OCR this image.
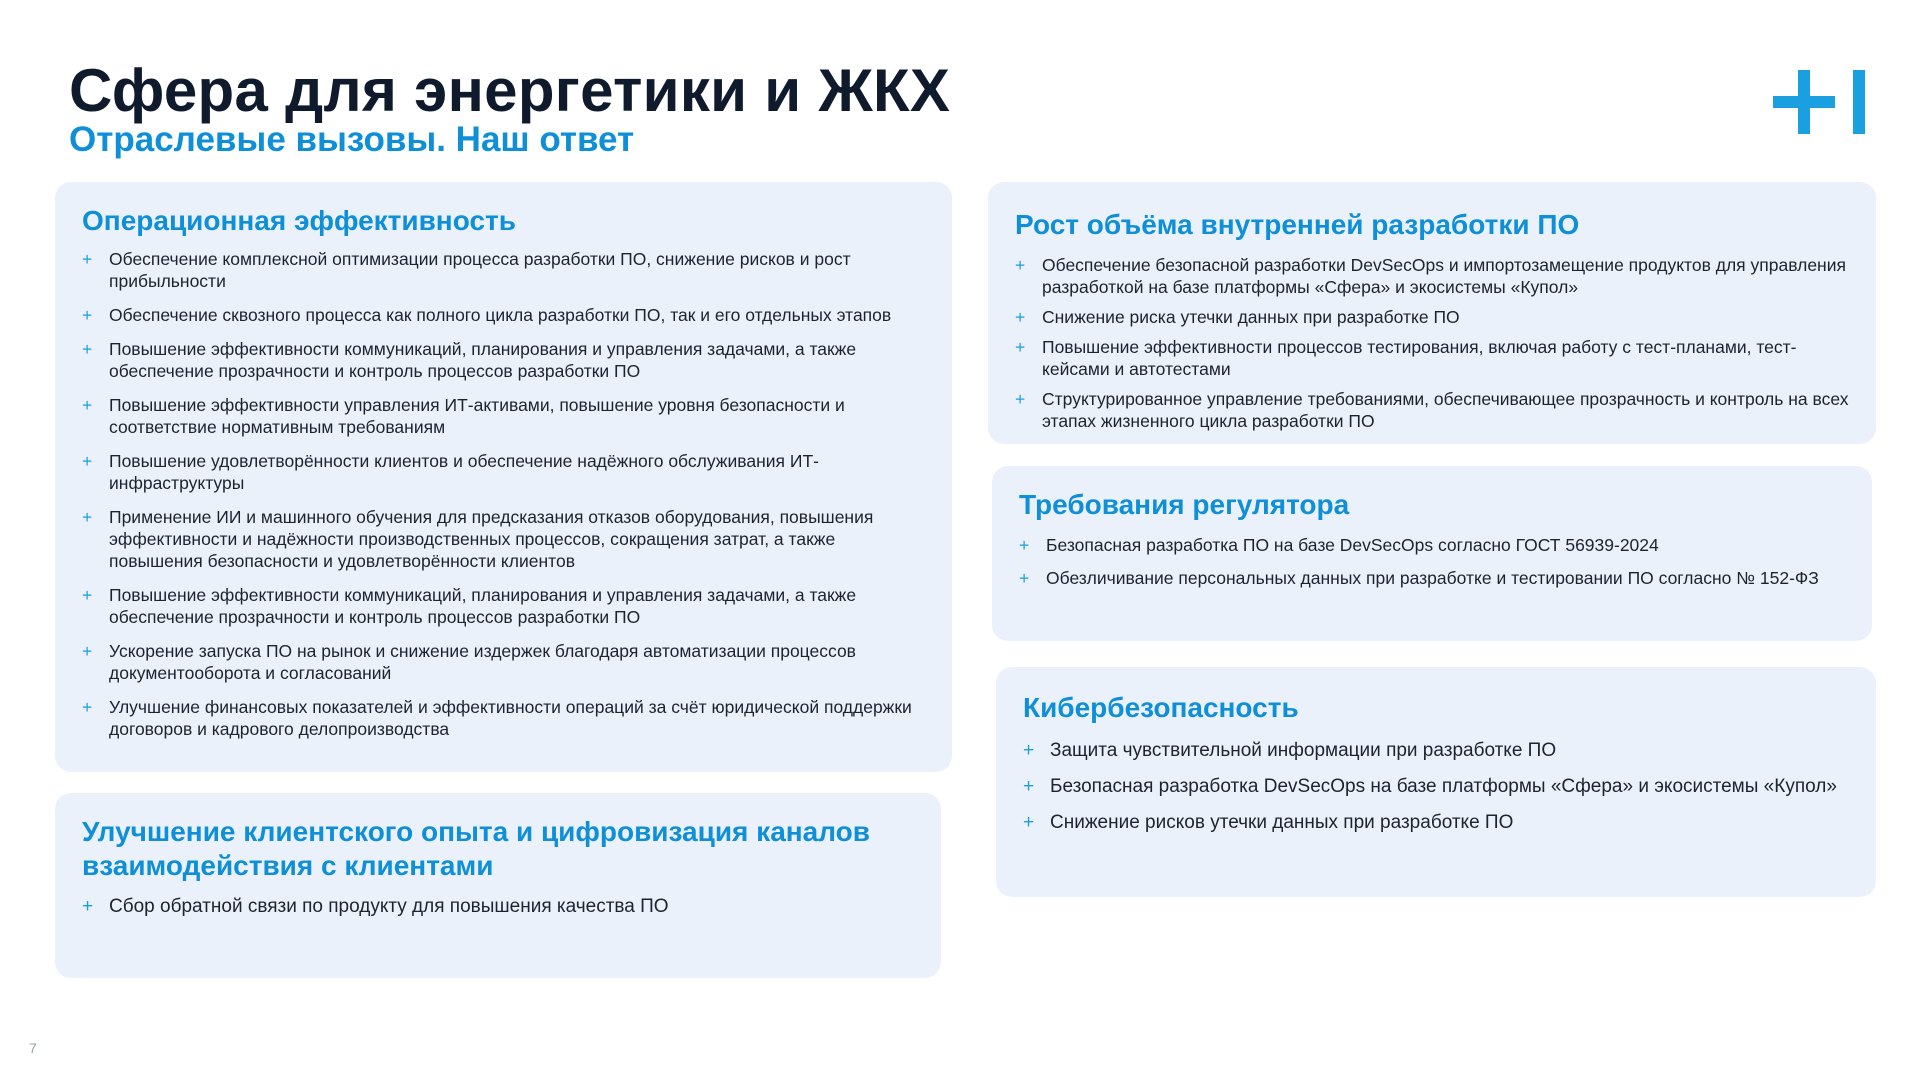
Сфера для энергетики и ЖКХ
Отраслевые вызовы. Наш ответ
Операционная эффективность
+ Обеспечение комплексной оптимизации процесса разработки ПО, снижение рисков и рост прибыльности
+ Обеспечение сквозного процесса как полного цикла разработки ПО, так и его отдельных этапов
+ Повышение эффективности коммуникаций, планирования и управления задачами, а также обеспечение прозрачности и контроль процессов разработки ПО
+ Повышение эффективности управления ИТ-активами, повышение уровня безопасности и соответствие нормативным требованиям
+ Повышение удовлетворённости клиентов и обеспечение надёжного обслуживания ИТ-инфраструктуры
+ Применение ИИ и машинного обучения для предсказания отказов оборудования, повышения эффективности и надёжности производственных процессов, сокращения затрат, а также повышения безопасности и удовлетворённости клиентов
+ Повышение эффективности коммуникаций, планирования и управления задачами, а также обеспечение прозрачности и контроль процессов разработки ПО
+ Ускорение запуска ПО на рынок и снижение издержек благодаря автоматизации процессов документооборота и согласований
+ Улучшение финансовых показателей и эффективности операций за счёт юридической поддержки договоров и кадрового делопроизводства
Улучшение клиентского опыта и цифровизация каналов взаимодействия с клиентами
+ Сбор обратной связи по продукту для повышения качества ПО
Рост объёма внутренней разработки ПО
+ Обеспечение безопасной разработки DevSecOps и импортозамещение продуктов для управления разработкой на базе платформы «Сфера» и экосистемы «Купол»
+ Снижение риска утечки данных при разработке ПО
+ Повышение эффективности процессов тестирования, включая работу с тест-планами, тест-кейсами и автотестами
+ Структурированное управление требованиями, обеспечивающее прозрачность и контроль на всех этапах жизненного цикла разработки ПО
Требования регулятора
+ Безопасная разработка ПО на базе DevSecOps согласно ГОСТ 56939-2024
+ Обезличивание персональных данных при разработке и тестировании ПО согласно № 152-ФЗ
Кибербезопасность
+ Защита чувствительной информации при разработке ПО
+ Безопасная разработка DevSecOps на базе платформы «Сфера» и экосистемы «Купол»
+ Снижение рисков утечки данных при разработке ПО
7
